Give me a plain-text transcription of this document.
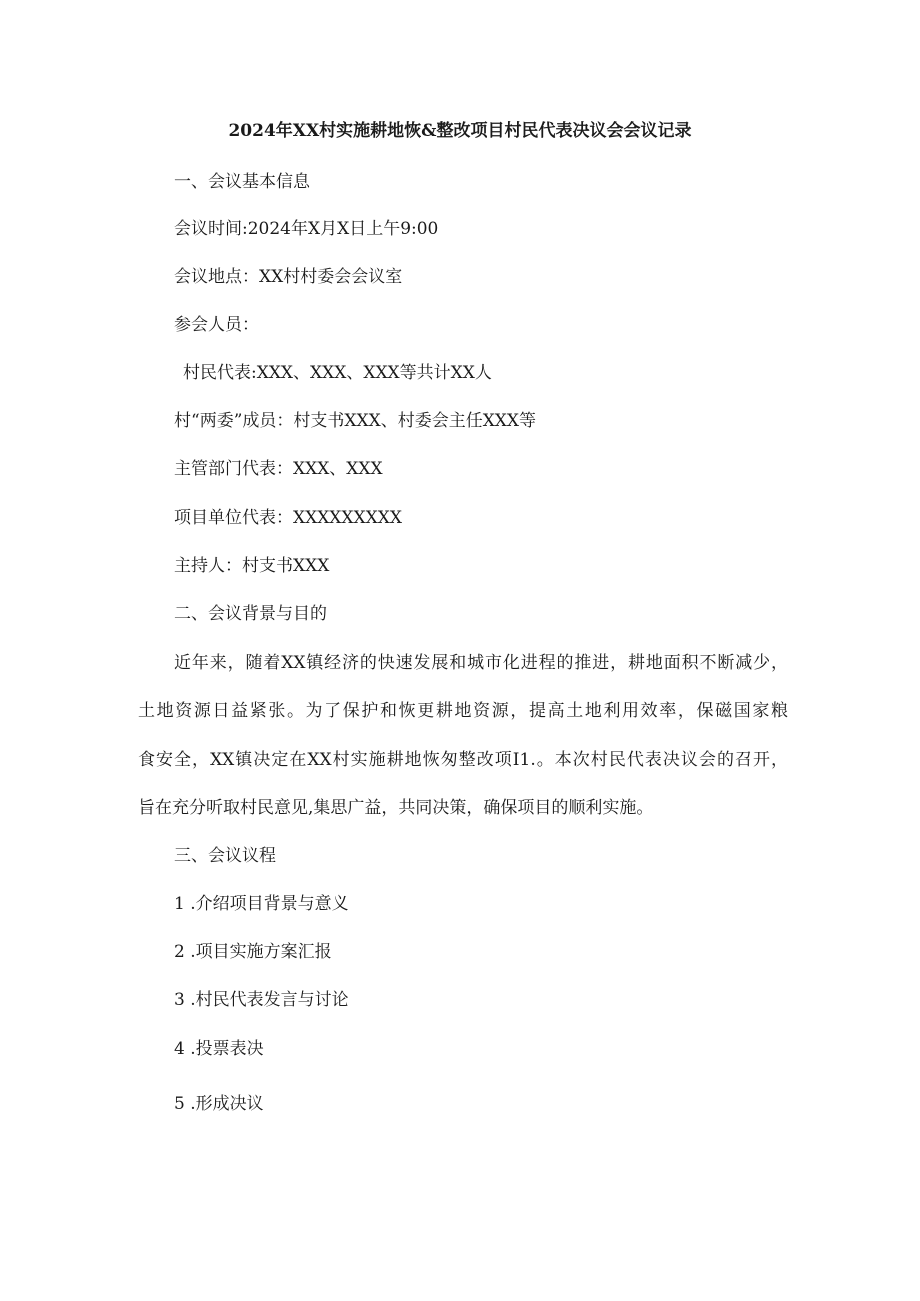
2024年XX村实施耕地恢&整改项目村民代表决议会会议记录
一、会议基本信息

会议时间:2024年X月X日上午9:00

会议地点：XX村村委会会议室

参会人员：

村民代表:XXX、XXX、XXX等共计XX人

村“两委”成员：村支书XXX、村委会主任XXX等

主管部门代表：XXX、XXX

项目单位代表：XXXXXXXXX

主持人：村支书XXX

二、会议背景与目的
近年来，随着XX镇经济的快速发展和城市化进程的推进，耕地面积不断减少，
土地资源日益紧张。为了保护和恢更耕地资源，提高土地利用效率，保磁国家粮
食安全，XX镇决定在XX村实施耕地恢匆整改项I1.。本次村民代表决议会的召开，
旨在充分听取村民意见,集思广益，共同决策，确保项目的顺利实施。
三、会议议程
1 .介绍项目背景与意义
2 .项目实施方案汇报
3 .村民代表发言与讨论
4 .投票表决
5 .形成决议
